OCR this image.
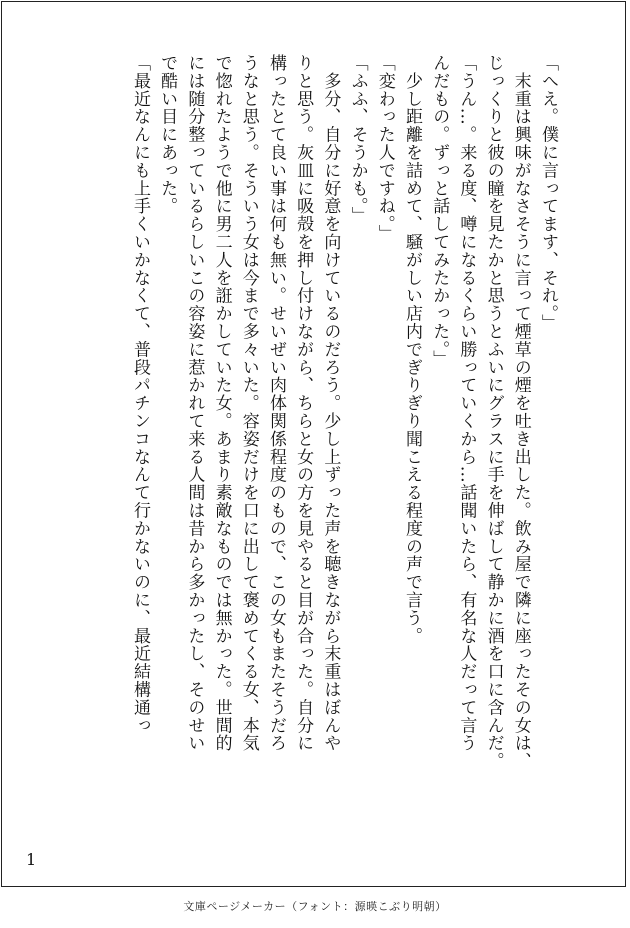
「へえ。僕に言ってます、それ。」
　末重は興味がなさそうに言って煙草の煙を吐き出した。飲み屋で隣に座ったその女は、
じっくりと彼の瞳を見たかと思うとふいにグラスに手を伸ばして静かに酒を口に含んだ。
「うん…。来る度、噂になるくらい勝っていくから…話聞いたら、有名な人だって言う
んだもの。ずっと話してみたかった。」
　少し距離を詰めて、騒がしい店内でぎりぎり聞こえる程度の声で言う。
「変わった人ですね。」
「ふふ、そうかも。」
　多分、自分に好意を向けているのだろう。少し上ずった声を聴きながら末重はぼんや
りと思う。灰皿に吸殻を押し付けながら、ちらと女の方を見やると目が合った。自分に
構ったとて良い事は何も無い。せいぜい肉体関係程度のもので、この女もまたそうだろ
うなと思う。そういう女は今まで多々いた。容姿だけを口に出して褒めてくる女、本気
で惚れたようで他に男二人を誑かしていた女。あまり素敵なものでは無かった。世間的
には随分整っているらしいこの容姿に惹かれて来る人間は昔から多かったし、そのせい
で酷い目にあった。
「最近なんにも上手くいかなくて、普段パチンコなんて行かないのに、最近結構通っ
1
文庫ページメーカー（フォント：源暎こぶり明朝）
